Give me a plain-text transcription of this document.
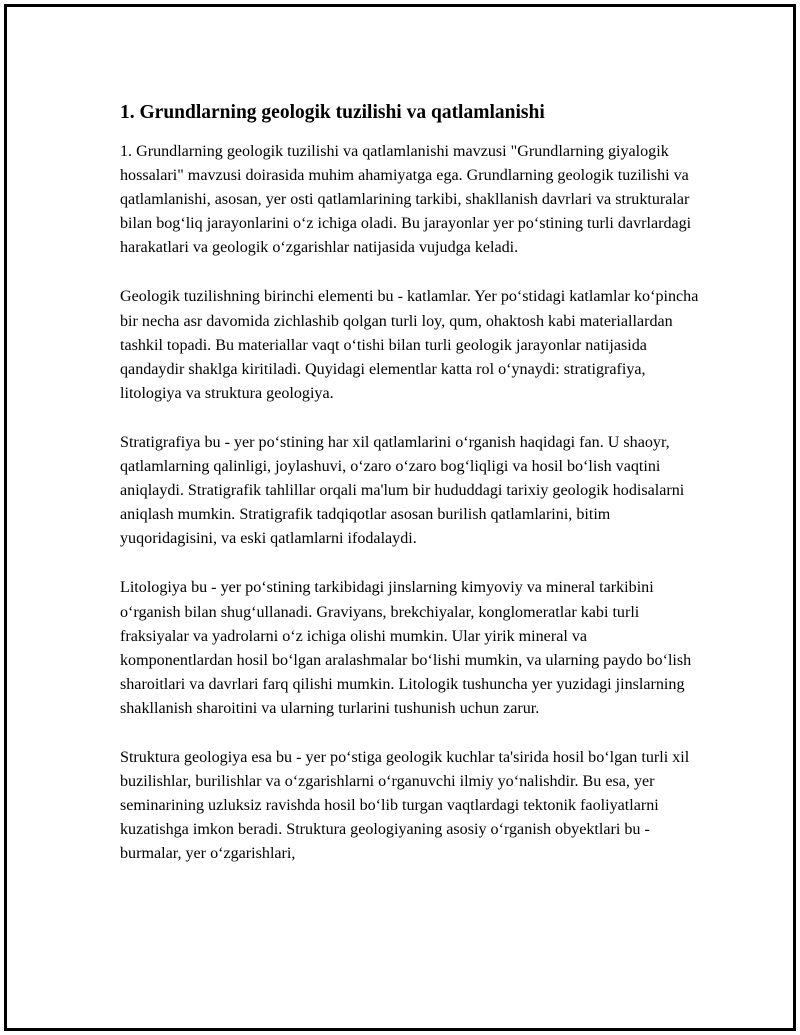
1. Grundlarning geologik tuzilishi va qatlamlanishi

1. Grundlarning geologik tuzilishi va qatlamlanishi mavzusi "Grundlarning giyalogik hossalari" mavzusi doirasida muhim ahamiyatga ega. Grundlarning geologik tuzilishi va qatlamlanishi, asosan, yer osti qatlamlarining tarkibi, shakllanish davrlari va strukturalar bilan bog‘liq jarayonlarini o‘z ichiga oladi. Bu jarayonlar yer po‘stining turli davrlardagi harakatlari va geologik o‘zgarishlar natijasida vujudga keladi.

Geologik tuzilishning birinchi elementi bu - katlamlar. Yer po‘stidagi katlamlar ko‘pincha bir necha asr davomida zichlashib qolgan turli loy, qum, ohaktosh kabi materiallardan tashkil topadi. Bu materiallar vaqt o‘tishi bilan turli geologik jarayonlar natijasida qandaydir shaklga kiritiladi. Quyidagi elementlar katta rol o‘ynaydi: stratigrafiya, litologiya va struktura geologiya.

Stratigrafiya bu - yer po‘stining har xil qatlamlarini o‘rganish haqidagi fan. U shaoyr, qatlamlarning qalinligi, joylashuvi, o‘zaro o‘zaro bog‘liqligi va hosil bo‘lish vaqtini aniqlaydi. Stratigrafik tahlillar orqali ma'lum bir hududdagi tarixiy geologik hodisalarni aniqlash mumkin. Stratigrafik tadqiqotlar asosan burilish qatlamlarini, bitim yuqoridagisini, va eski qatlamlarni ifodalaydi.

Litologiya bu - yer po‘stining tarkibidagi jinslarning kimyoviy va mineral tarkibini o‘rganish bilan shug‘ullanadi. Graviyans, brekchiyalar, konglomeratlar kabi turli fraksiyalar va yadrolarni o‘z ichiga olishi mumkin. Ular yirik mineral va komponentlardan hosil bo‘lgan aralashmalar bo‘lishi mumkin, va ularning paydo bo‘lish sharoitlari va davrlari farq qilishi mumkin. Litologik tushuncha yer yuzidagi jinslarning shakllanish sharoitini va ularning turlarini tushunish uchun zarur.

Struktura geologiya esa bu - yer po‘stiga geologik kuchlar ta'sirida hosil bo‘lgan turli xil buzilishlar, burilishlar va o‘zgarishlarni o‘rganuvchi ilmiy yo‘nalishdir. Bu esa, yer seminarining uzluksiz ravishda hosil bo‘lib turgan vaqtlardagi tektonik faoliyatlarni kuzatishga imkon beradi. Struktura geologiyaning asosiy o‘rganish obyektlari bu - burmalar, yer o‘zgarishlari,
